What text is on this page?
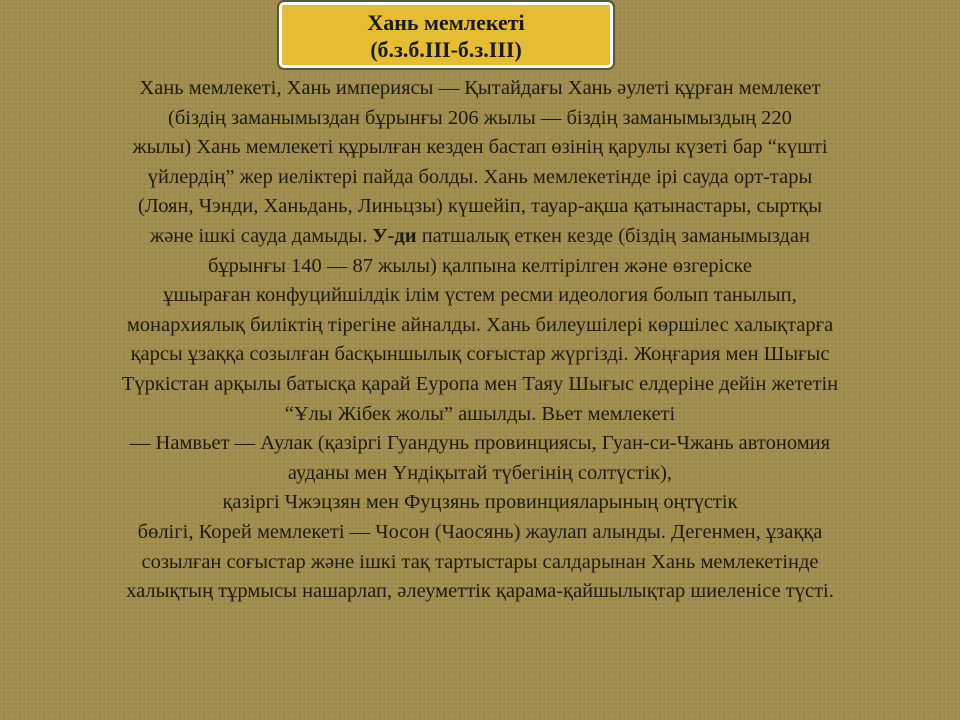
Хань мемлекеті
(б.з.б.III-б.з.III)
Хань мемлекеті, Хань империясы — Қытайдағы Хань әулеті құрған мемлекет
(біздің заманымыздан бұрынғы 206 жылы — біздің заманымыздың 220
жылы) Хань мемлекеті құрылған кезден бастап өзінің қарулы күзеті бар “күшті
үйлердің” жер иеліктері пайда болды. Хань мемлекетінде ірі сауда орт-тары
(Лоян, Чэнди, Ханьдань, Линьцзы) күшейіп, тауар-ақша қатынастары, сыртқы
және ішкі сауда дамыды. У-ди патшалық еткен кезде (біздің заманымыздан
бұрынғы 140 — 87 жылы) қалпына келтірілген және өзгеріске
ұшыраған конфуцийшілдік ілім үстем ресми идеология болып танылып,
монархиялық биліктің тірегіне айналды. Хань билеушілері көршілес халықтарға
қарсы ұзаққа созылған басқыншылық соғыстар жүргізді. Жоңғария мен Шығыс
Түркістан арқылы батысқа қарай Еуропа мен Таяу Шығыс елдеріне дейін жететін
“Ұлы Жібек жолы” ашылды. Вьет мемлекеті
— Намвьет — Аулак (қазіргі Гуандунь провинциясы, Гуан-си-Чжань автономия
ауданы мен Үндіқытай түбегінің солтүстік),
қазіргі Чжэцзян мен Фуцзянь провинцияларының оңтүстік
бөлігі, Корей мемлекеті — Чосон (Чаосянь) жаулап алынды. Дегенмен, ұзаққа
созылған соғыстар және ішкі тақ тартыстары салдарынан Хань мемлекетінде
халықтың тұрмысы нашарлап, әлеуметтік қарама-қайшылықтар шиеленісе түсті.
